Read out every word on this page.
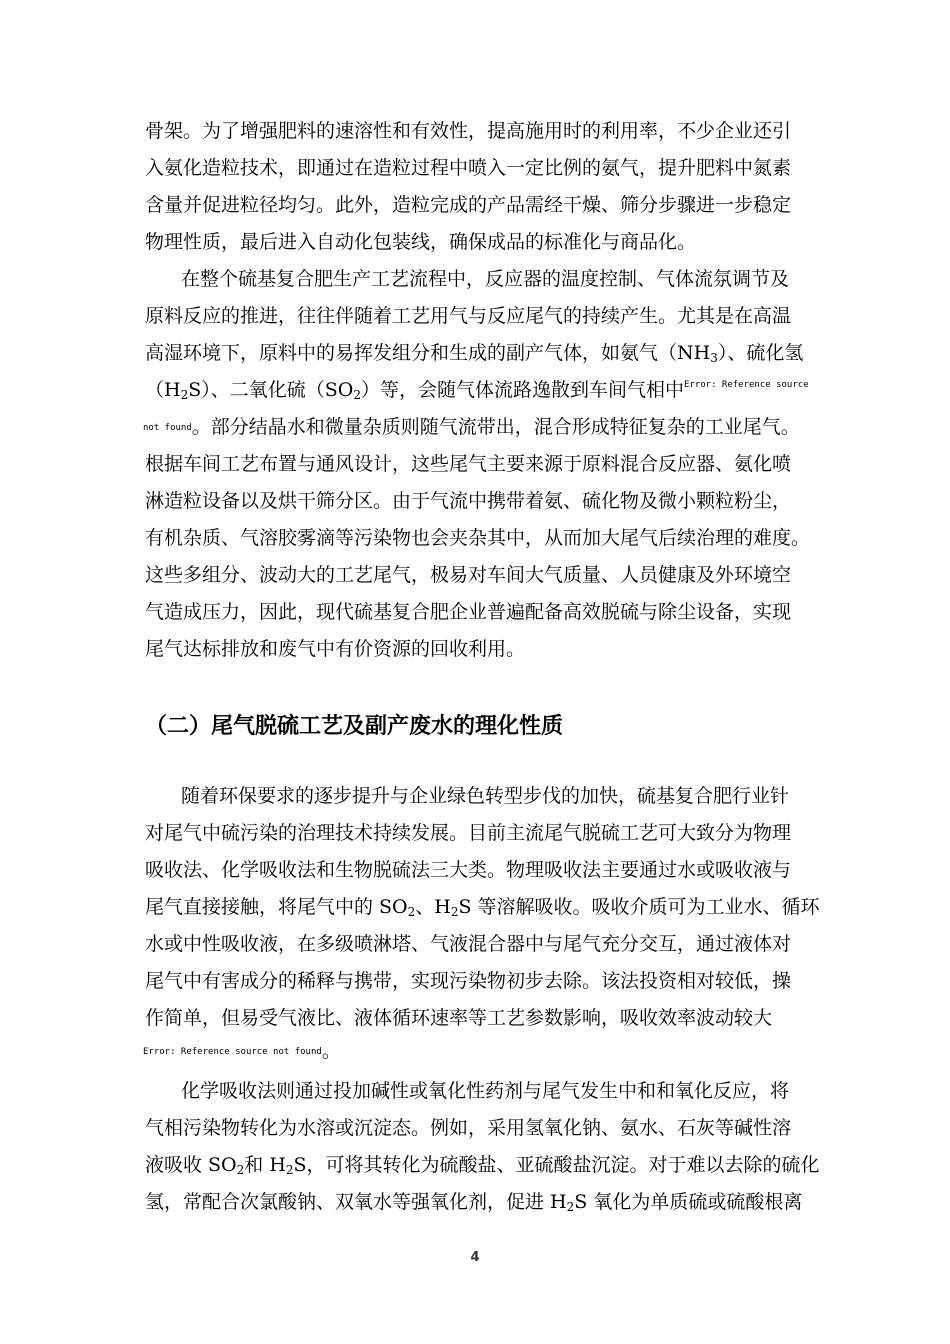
骨架。为了增强肥料的速溶性和有效性，提高施用时的利用率，不少企业还引
入氨化造粒技术，即通过在造粒过程中喷入一定比例的氨气，提升肥料中氮素
含量并促进粒径均匀。此外，造粒完成的产品需经干燥、筛分步骤进一步稳定
物理性质，最后进入自动化包装线，确保成品的标准化与商品化。
在整个硫基复合肥生产工艺流程中，反应器的温度控制、气体流氛调节及
原料反应的推进，往往伴随着工艺用气与反应尾气的持续产生。尤其是在高温
高湿环境下，原料中的易挥发组分和生成的副产气体，如氨气$(NH_3)$、硫化氢
$(H_2S)$、二氧化硫$(SO_2)$等，会随气体流路逸散到车间气相中$^{Error: Reference source}$
not found。部分结晶水和微量杂质则随气流带出，混合形成特征复杂的工业尾气。
根据车间工艺布置与通风设计，这些尾气主要来源于原料混合反应器、氨化喷
淋造粒设备以及烘干筛分区。由于气流中携带着氨、硫化物及微小颗粒粉尘，
有机杂质、气溶胶雾滴等污染物也会夹杂其中，从而加大尾气后续治理的难度。
这些多组分、波动大的工艺尾气，极易对车间大气质量、人员健康及外环境空
气造成压力，因此，现代硫基复合肥企业普遍配备高效脱硫与除尘设备，实现
尾气达标排放和废气中有价资源的回收利用。
（二）尾气脱硫工艺及副产废水的理化性质
随着环保要求的逐步提升与企业绿色转型步伐的加快，硫基复合肥行业针
对尾气中硫污染的治理技术持续发展。目前主流尾气脱硫工艺可大致分为物理
吸收法、化学吸收法和生物脱硫法三大类。物理吸收法主要通过水或吸收液与
尾气直接接触，将尾气中的 $SO_2$、$H_2S$ 等溶解吸收。吸收介质可为工业水、循环
水或中性吸收液，在多级喷淋塔、气液混合器中与尾气充分交互，通过液体对
尾气中有害成分的稀释与携带，实现污染物初步去除。该法投资相对较低，操
作简单，但易受气液比、液体循环速率等工艺参数影响，吸收效率波动较大
Error: Reference source not found。
化学吸收法则通过投加碱性或氧化性药剂与尾气发生中和和氧化反应，将
气相污染物转化为水溶或沉淀态。例如，采用氢氧化钠、氨水、石灰等碱性溶
液吸收 $SO_2$和 $H_2S$，可将其转化为硫酸盐、亚硫酸盐沉淀。对于难以去除的硫化
氢，常配合次氯酸钠、双氧水等强氧化剂，促进 $H_2S$ 氧化为单质硫或硫酸根离
4
